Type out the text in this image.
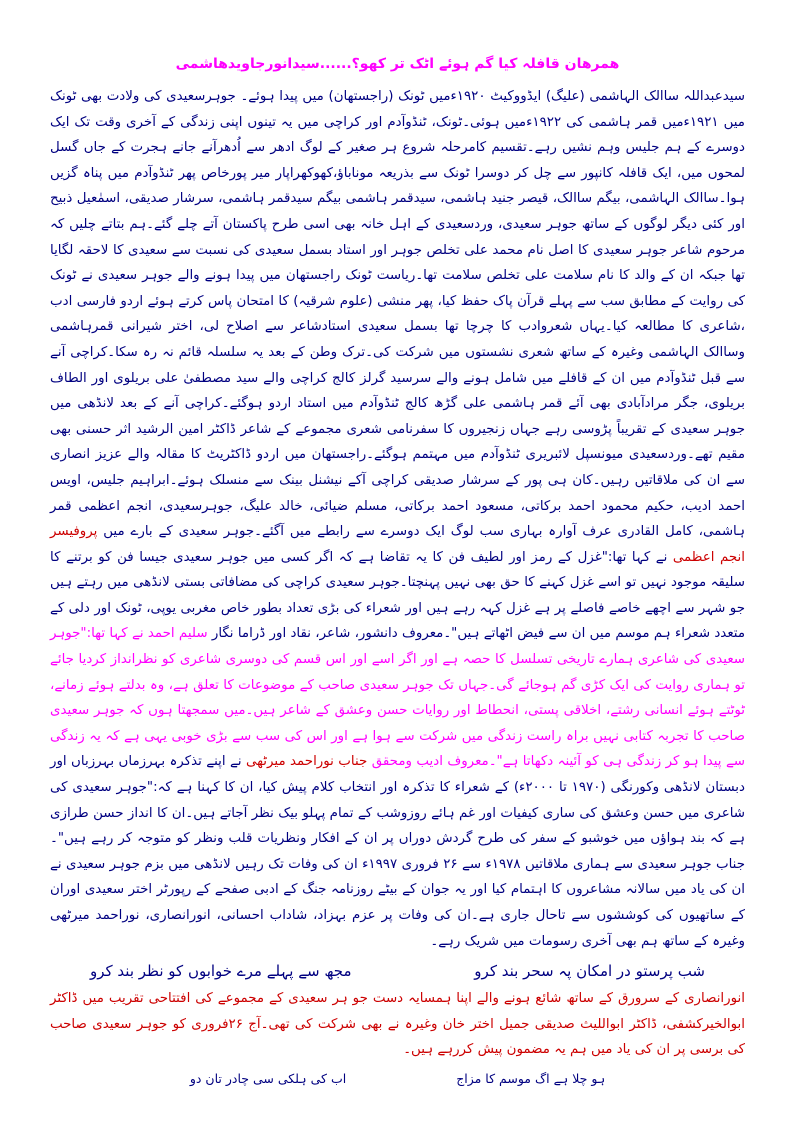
ھمرھان قافلہ کیا گم ہوئے اٹک تر کھو؟......سیدانورجاویدھاشمی

سیدعبداللہ ساالک الہاشمی (علیگ) ایڈووکیٹ ۱۹۲۰ءمیں ٹونک (راجستھان) میں پیدا ہوئے۔ جوہرسعیدی کی ولادت بھی ٹونک میں ۱۹۲۱ءمیں قمر ہاشمی کی ۱۹۲۲ءمیں ہوئی۔ٹونک، ٹنڈوآدم اور کراچی میں یہ تینوں اپنی زندگی کے آخری وقت تک ایک دوسرے کے ہم جلیس وہم نشیں رہے۔تقسیم کامرحلہ شروع ہر صغیر کے لوگ ادھر سے اُدھرآنے جانے ہجرت کے جاں گسل لمحوں میں، ایک قافلہ کانپور سے چل کر دوسرا ٹونک سے بذریعہ موناباؤ،کھوکھراپار میر پورخاص پھر ٹنڈوآدم میں پناہ گزیں ہوا۔ساالک الہاشمی، بیگم ساالک، قیصر جنید ہاشمی، سیدقمر ہاشمی بیگم سیدقمر ہاشمی، سرشار صدیقی، اسمٰعیل ذبیح اور کئی دیگر لوگوں کے ساتھ جوہر سعیدی، وردسعیدی کے اہل خانہ بھی اسی طرح پاکستان آتے چلے گئے۔ہم بتاتے چلیں کہ مرحوم شاعر جوہر سعیدی کا اصل نام محمد علی تخلص جوہر اور استاد بسمل سعیدی کی نسبت سے سعیدی کا لاحقہ لگایا تھا جبکہ ان کے والد کا نام سلامت علی تخلص سلامت تھا۔ریاست ٹونک راجستھان میں پیدا ہونے والے جوہر سعیدی نے ٹونک کی روایت کے مطابق سب سے پہلے قرآن پاک حفظ کیا، پھر منشی (علوم شرقیہ) کا امتحان پاس کرتے ہوئے اردو فارسی ادب ،شاعری کا مطالعہ کیا۔یہاں شعروادب کا چرچا تھا بسمل سعیدی استادشاعر سے اصلاح لی، اختر شیرانی قمرہاشمی وساالک الہاشمی وغیرہ کے ساتھ شعری نشستوں میں شرکت کی۔ترک وطن کے بعد یہ سلسلہ قائم نہ رہ سکا۔کراچی آنے سے قبل ٹنڈوآدم میں ان کے قافلے میں شامل ہونے والے سرسید گرلز کالج کراچی والے سید مصطفیٰ علی بریلوی اور الطاف بریلوی، جگر مرادآبادی بھی آئے قمر ہاشمی علی گڑھ کالج ٹنڈوآدم میں استاد اردو ہوگئے۔کراچی آنے کے بعد لانڈھی میں جوہر سعیدی کے تقریباً پڑوسی رہے جہاں زنجیروں کا سفرنامی شعری مجموعے کے شاعر ڈاکٹر امین الرشید اثر حسنی بھی مقیم تھے۔وردسعیدی میونسپل لائبریری ٹنڈوآدم میں مہتمم ہوگئے۔راجستھان میں اردو ڈاکٹریٹ کا مقالہ والے عزیز انصاری سے ان کی ملاقاتیں رہیں۔کان ہی پور کے سرشار صدیقی کراچی آکے نیشنل بینک سے منسلک ہوئے۔ابراہیم جلیس، اویس احمد ادیب، حکیم محمود احمد برکاتی، مسعود احمد برکاتی، مسلم ضیائی، خالد علیگ، جوہرسعیدی، انجم اعظمی قمر ہاشمی، کامل القادری عرف آوارہ بہاری سب لوگ ایک دوسرے سے رابطے میں آگئے۔جوہر سعیدی کے بارے میں پروفیسر انجم اعظمی نے کہا تھا:"غزل کے رمز اور لطیف فن کا یہ تقاضا ہے کہ اگر کسی میں جوہر سعیدی جیسا فن کو برتنے کا سلیقہ موجود نہیں تو اسے غزل کہنے کا حق بھی نہیں پہنچتا۔جوہر سعیدی کراچی کی مضافاتی بستی لانڈھی میں رہتے ہیں جو شہر سے اچھے خاصے فاصلے پر ہے غزل کہہ رہے ہیں اور شعراء کی بڑی تعداد بطور خاص مغربی یوپی، ٹونک اور دلی کے متعدد شعراء ہم موسم میں ان سے فیض اٹھاتے ہیں"۔معروف دانشور، شاعر، نقاد اور ڈراما نگار سلیم احمد نے کہا تھا:"جوہر سعیدی کی شاعری ہمارے تاریخی تسلسل کا حصہ ہے اور اگر اسے اور اس قسم کی دوسری شاعری کو نظرانداز کردیا جائے تو ہماری روایت کی ایک کڑی گم ہوجائے گی۔جہاں تک جوہر سعیدی صاحب کے موضوعات کا تعلق ہے، وہ بدلتے ہوئے زمانے، ٹوٹتے ہوئے انسانی رشتے، اخلاقی پستی، انحطاط اور روایات حسن وعشق کے شاعر ہیں۔میں سمجھتا ہوں کہ جوہر سعیدی صاحب کا تجربہ کتابی نہیں براہ راست زندگی میں شرکت سے ہوا ہے اور اس کی سب سے بڑی خوبی یہی ہے کہ یہ زندگی سے پیدا ہو کر زندگی ہی کو آئینہ دکھاتا ہے"۔معروف ادیب ومحقق جناب نوراحمد میرٹھی نے اپنے تذکرہ بہرزماں بہرزباں اور دبستان لانڈھی وکورنگی (۱۹۷۰ تا ۲۰۰۰ء) کے شعراء کا تذکرہ اور انتخاب کلام پیش کیا، ان کا کہنا ہے کہ:"جوہر سعیدی کی شاعری میں حسن وعشق کی ساری کیفیات اور غم ہائے روزوشب کے تمام پہلو بیک نظر آجاتے ہیں۔ان کا انداز حسن طرازی ہے کہ بند ہواؤں میں خوشبو کے سفر کی طرح گردش دوراں پر ان کے افکار ونظریات قلب ونظر کو متوجہ کر رہے ہیں"۔جناب جوہر سعیدی سے ہماری ملاقاتیں ۱۹۷۸ء سے ۲۶ فروری ۱۹۹۷ء ان کی وفات تک رہیں لانڈھی میں بزم جوہر سعیدی نے ان کی یاد میں سالانہ مشاعروں کا اہتمام کیا اور یہ جوان کے بیٹے روزنامہ جنگ کے ادبی صفحے کے رپورٹر اختر سعیدی اوران کے ساتھیوں کی کوششوں سے تاحال جاری ہے۔ان کی وفات پر عزم بہزاد، شاداب احسانی، انورانصاری، نوراحمد میرٹھی وغیرہ کے ساتھ ہم بھی آخری رسومات میں شریک رہے۔

شب پرستو در امکان پہ سحر بند کرو
مجھ سے پہلے مرے خوابوں کو نظر بند کرو

انورانصاری کے سرورق کے ساتھ شائع ہونے والے اپنا ہمسایہ دست جو ہر سعیدی کے مجموعے کی افتتاحی تقریب میں ڈاکٹر ابوالخیرکشفی، ڈاکٹر ابواللیث صدیقی جمیل اختر خان وغیرہ نے بھی شرکت کی تھی۔آج ۲۶فروری کو جوہر سعیدی صاحب کی برسی پر ان کی یاد میں ہم یہ مضمون پیش کررہے ہیں۔

ہو چلا ہے اگ موسم کا مزاج
اب کی ہلکی سی چادر تان دو
